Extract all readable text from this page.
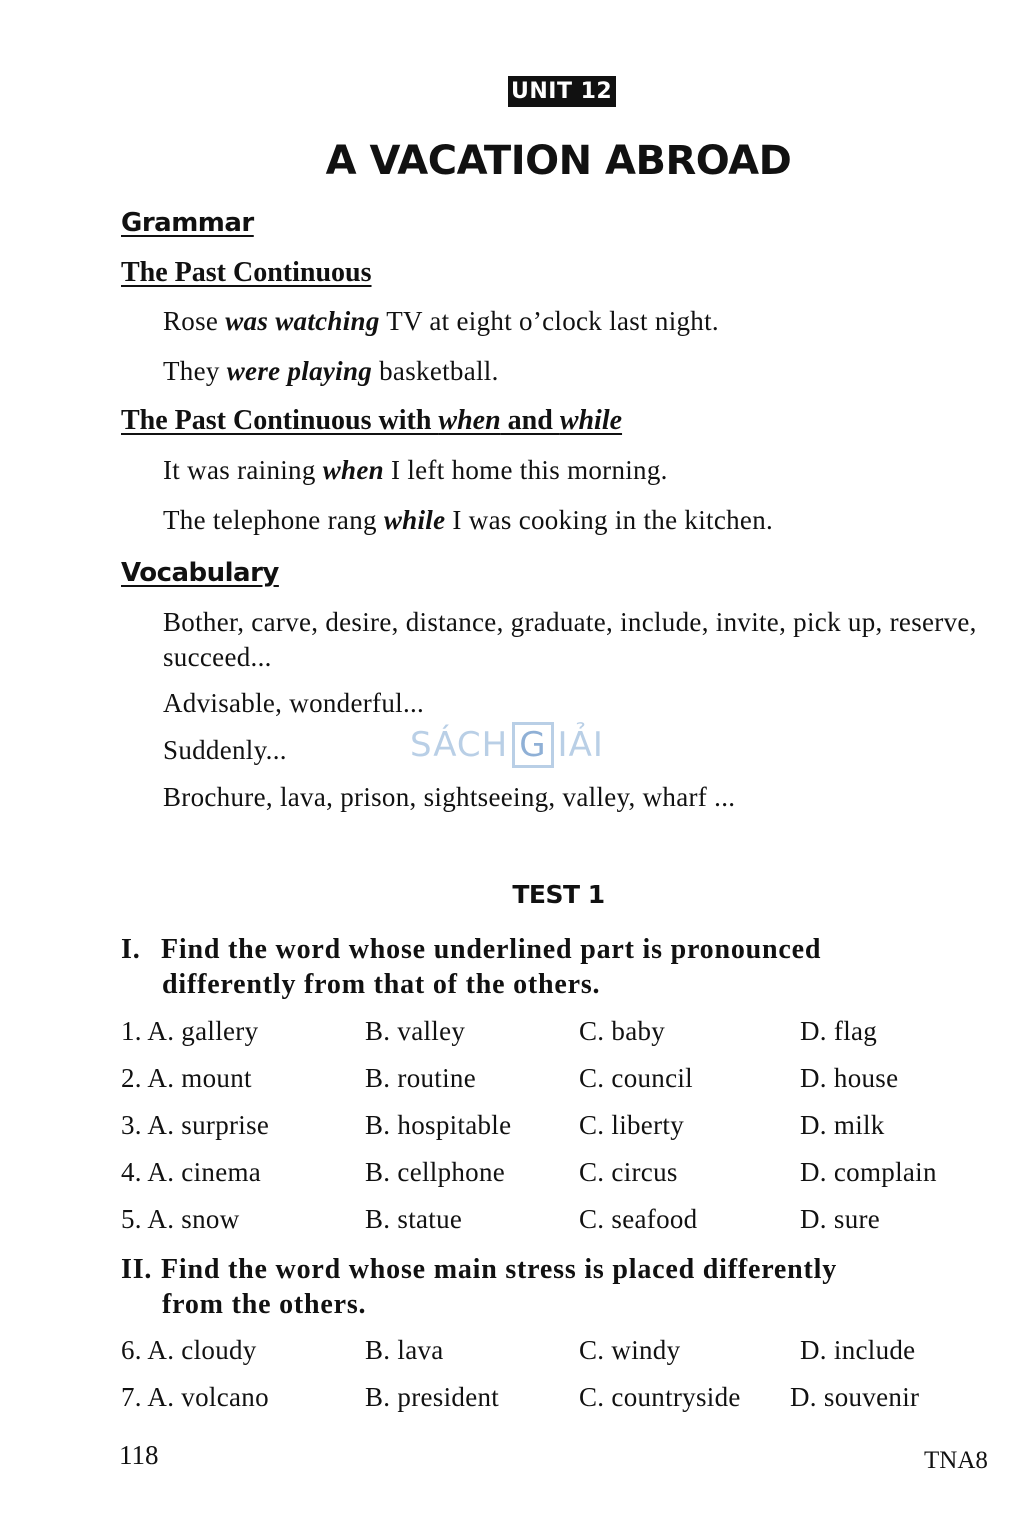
UNIT 12
A VACATION ABROAD
Grammar
The Past Continuous
Rose was watching TV at eight o’clock last night.
They were playing basketball.
The Past Continuous with when and while
It was raining when I left home this morning.
The telephone rang while I was cooking in the kitchen.
Vocabulary
Bother, carve, desire, distance, graduate, include, invite, pick up, reserve, succeed...
Advisable, wonderful...
Suddenly...
Brochure, lava, prison, sightseeing, valley, wharf ...
SÁCH G IẢI
TEST 1
I. Find the word whose underlined part is pronounced
differently from that of the others.
1. A. gallery	B. valley	C. baby	D. flag
2. A. mount	B. routine	C. council	D. house
3. A. surprise	B. hospitable	C. liberty	D. milk
4. A. cinema	B. cellphone	C. circus	D. complain
5. A. snow	B. statue	C. seafood	D. sure
II. Find the word whose main stress is placed differently
from the others.
6. A. cloudy	B. lava	C. windy	D. include
7. A. volcano	B. president	C. countryside D. souvenir
118	TNA8
